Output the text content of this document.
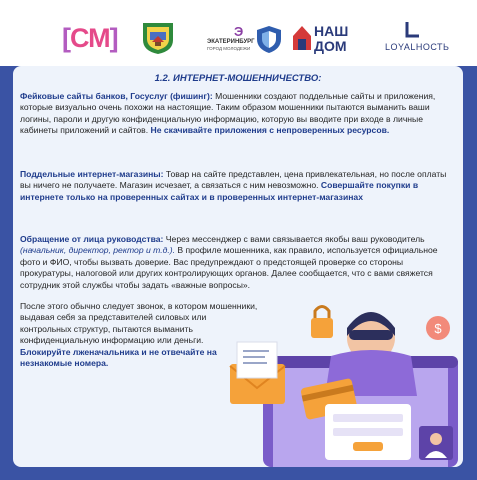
[СМ]	Э
ЭКАТЕРИНБУРГ
ГОРОД МОЛОДЕЖИ
НАШ
ДОМ	LOYALНОСТЬ
1.2. ИНТЕРНЕТ-МОШЕННИЧЕСТВО:
Фейковые сайты банков, Госуслуг (фишинг): Мошенники создают поддельные сайты и приложения, которые визуально очень похожи на настоящие. Таким образом мошенники пытаются выманить ваши логины, пароли и другую конфиденциальную информацию, которую вы вводите при входе в личные кабинеты приложений и сайтов. Не скачивайте приложения с непроверенных ресурсов.
Поддельные интернет-магазины: Товар на сайте представлен, цена привлекательная, но после оплаты вы ничего не получаете. Магазин исчезает, а связаться с ним невозможно. Совершайте покупки в интернете только на проверенных сайтах и в проверенных интернет-магазинах
Обращение от лица руководства: Через мессенджер с вами связывается якобы ваш руководитель (начальник, директор, ректор и т.д.). В профиле мошенника, как правило, используется официальное фото и ФИО, чтобы вызвать доверие. Вас предупреждают о предстоящей проверке со стороны прокуратуры, налоговой или других контролирующих органов. Далее сообщается, что с вами свяжется сотрудник этой службы чтобы задать «важные вопросы».
После этого обычно следует звонок, в котором мошенники, выдавая себя за представителей силовых или контрольных структур, пытаются выманить конфиденциальную информацию или деньги.
Блокируйте лженачальника и не отвечайте на незнакомые номера.
$
